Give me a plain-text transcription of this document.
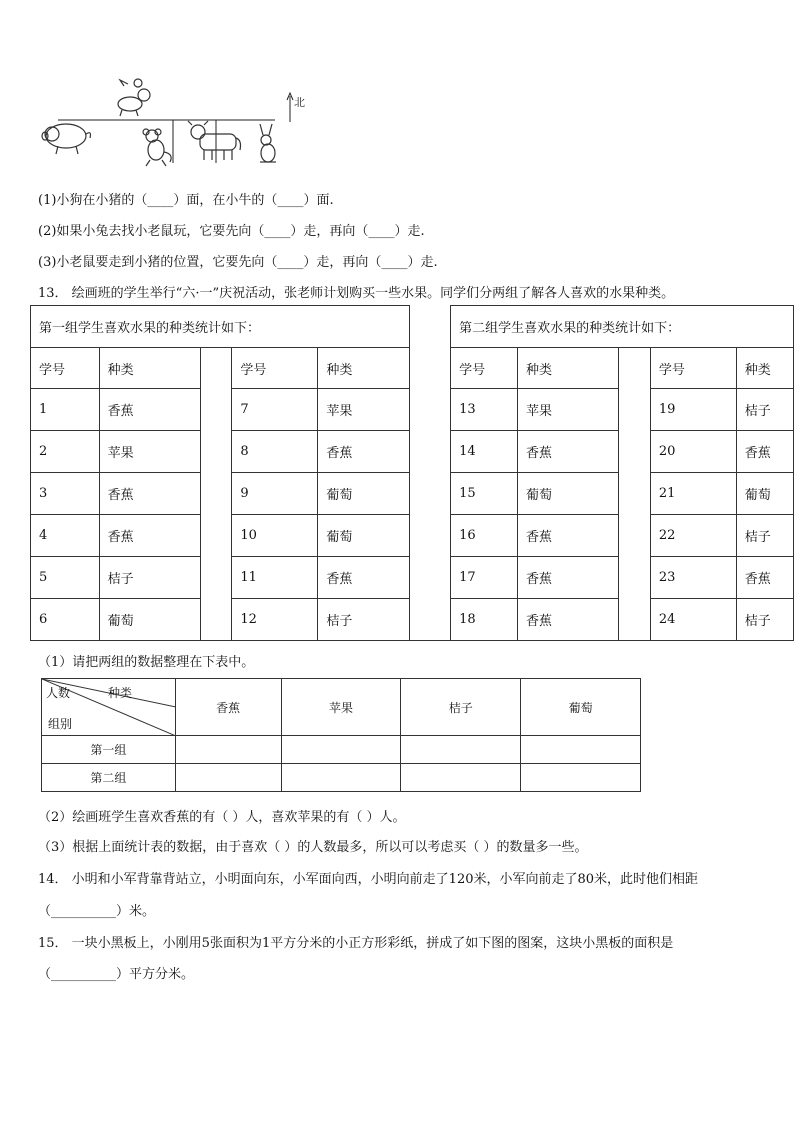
北
(1)小狗在小猪的（____）面，在小牛的（____）面.
(2)如果小兔去找小老鼠玩，它要先向（____）走，再向（____）走.
(3)小老鼠要走到小猪的位置，它要先向（____）走，再向（____）走.
13． 绘画班的学生举行“六·一”庆祝活动，张老师计划购买一些水果。同学们分两组了解各人喜欢的水果种类。
第一组学生喜欢水果的种类统计如下：						第二组学生喜欢水果的种类统计如下：				
学号	种类		学号	种类		学号	种类		学号	种类
1	香蕉		7	苹果		13	苹果		19	桔子
2	苹果		8	香蕉		14	香蕉		20	香蕉
3	香蕉		9	葡萄		15	葡萄		21	葡萄
4	香蕉		10	葡萄		16	香蕉		22	桔子
5	桔子		11	香蕉		17	香蕉		23	香蕉
6	葡萄		12	桔子		18	香蕉		24	桔子
（1）请把两组的数据整理在下表中。
人数 种类
组别	香蕉	苹果	桔子	葡萄
第一组				
第二组				
（2）绘画班学生喜欢香蕉的有（ ）人，喜欢苹果的有（ ）人。
（3）根据上面统计表的数据，由于喜欢（ ）的人数最多，所以可以考虑买（ ）的数量多一些。
14． 小明和小军背靠背站立，小明面向东，小军面向西，小明向前走了120米，小军向前走了80米，此时他们相距
（__________）米。
15． 一块小黑板上，小刚用5张面积为1平方分米的小正方形彩纸，拼成了如下图的图案，这块小黑板的面积是
（__________）平方分米。
